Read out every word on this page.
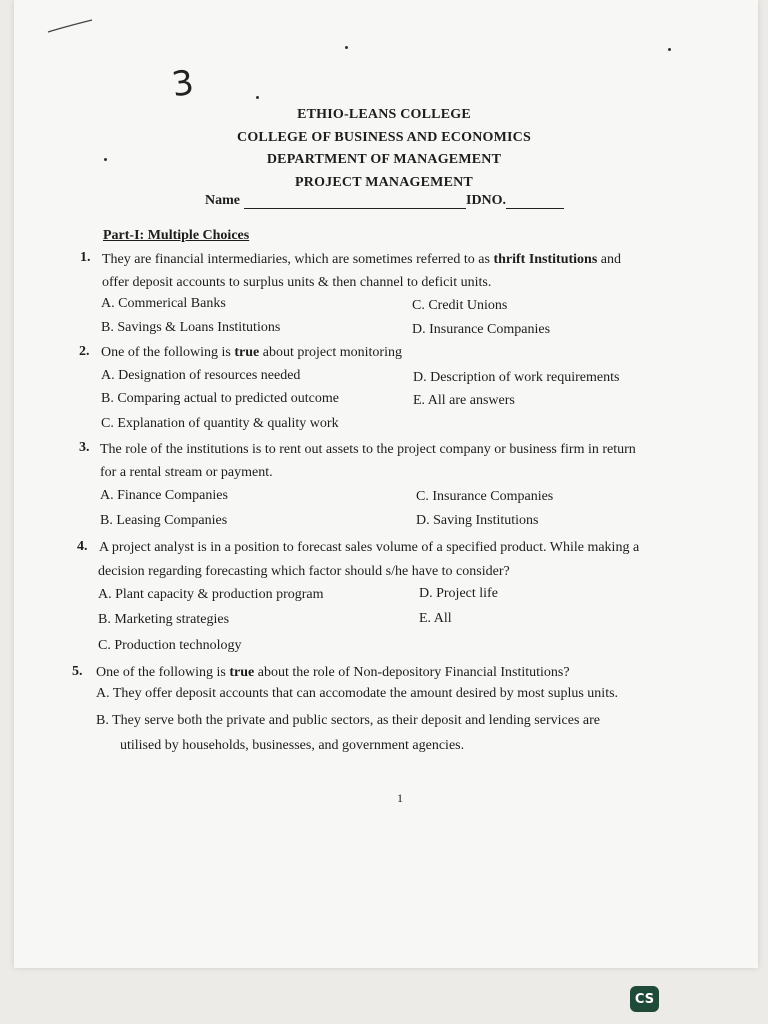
3
ETHIO-LEANS COLLEGE
COLLEGE OF BUSINESS AND ECONOMICS
DEPARTMENT OF MANAGEMENT
PROJECT MANAGEMENT
Name	IDNO.
Part-I: Multiple Choices
1. They are financial intermediaries, which are sometimes referred to as thrift Institutions and
offer deposit accounts to surplus units & then channel to deficit units.
A. Commerical Banks
B. Savings & Loans Institutions
C. Credit Unions
D. Insurance Companies
2. One of the following is true about project monitoring
A. Designation of resources needed
B. Comparing actual to predicted outcome
C. Explanation of quantity & quality work
D. Description of work requirements
E. All are answers
3. The role of the institutions is to rent out assets to the project company or business firm in return
for a rental stream or payment.
A. Finance Companies
B. Leasing Companies
C. Insurance Companies
D. Saving Institutions
4. A project analyst is in a position to forecast sales volume of a specified product. While making a
decision regarding forecasting which factor should s/he have to consider?
A. Plant capacity & production program
B. Marketing strategies
C. Production technology
D. Project life
E. All
5. One of the following is true about the role of Non-depository Financial Institutions?
A. They offer deposit accounts that can accomodate the amount desired by most suplus units.
B. They serve both the private and public sectors, as their deposit and lending services are
utilised by households, businesses, and government agencies.
1
CS
